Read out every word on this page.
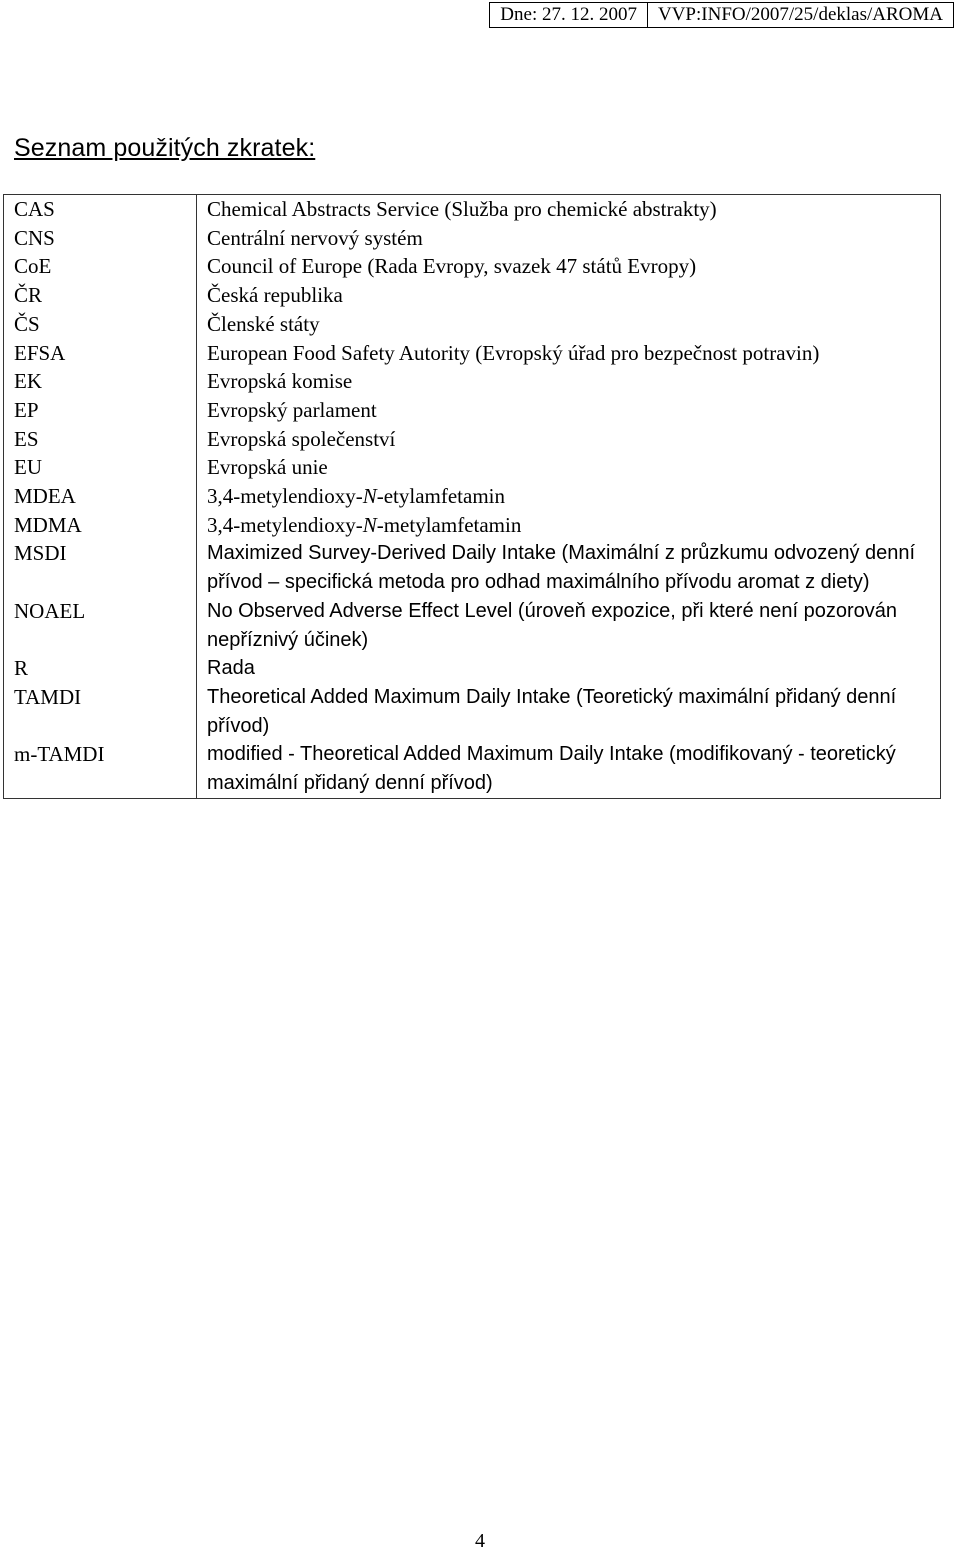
Dne: 27. 12. 2007	VVP:INFO/2007/25/deklas/AROMA
Seznam použitých zkratek:
CAS	Chemical Abstracts Service (Služba pro chemické abstrakty)
CNS	Centrální nervový systém
CoE	Council of Europe (Rada Evropy, svazek 47 států Evropy)
ČR	Česká republika
ČS	Členské státy
EFSA	European Food Safety Autority (Evropský úřad pro bezpečnost potravin)
EK	Evropská komise
EP	Evropský parlament
ES	Evropská společenství
EU	Evropská unie
MDEA	3,4-metylendioxy-N-etylamfetamin
MDMA	3,4-metylendioxy-N-metylamfetamin
MSDI	Maximized Survey-Derived Daily Intake (Maximální z průzkumu odvozený denní přívod – specifická metoda pro odhad maximálního přívodu aromat z diety)
NOAEL	No Observed Adverse Effect Level (úroveň expozice, při které není pozorován nepříznivý účinek)
R	Rada
TAMDI	Theoretical Added Maximum Daily Intake (Teoretický maximální přidaný denní přívod)
m-TAMDI	modified - Theoretical Added Maximum Daily Intake (modifikovaný - teoretický maximální přidaný denní přívod)
4
